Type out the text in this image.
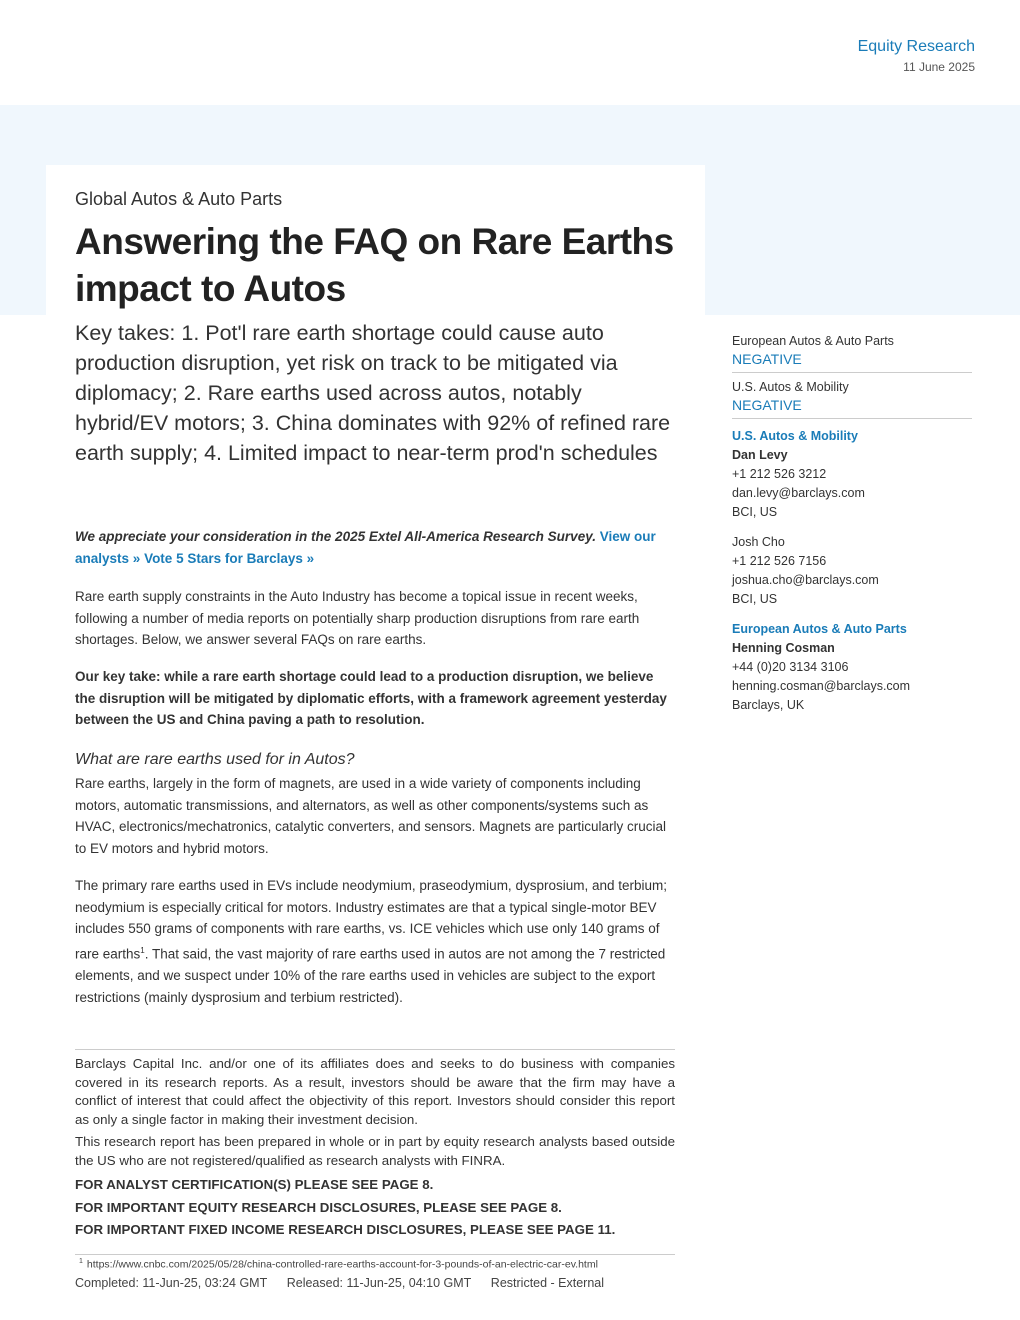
Equity Research
11 June 2025
Global Autos & Auto Parts
Answering the FAQ on Rare Earths impact to Autos
Key takes: 1. Pot'l rare earth shortage could cause auto production disruption, yet risk on track to be mitigated via diplomacy; 2. Rare earths used across autos, notably hybrid/EV motors; 3. China dominates with 92% of refined rare earth supply; 4. Limited impact to near-term prod'n schedules
We appreciate your consideration in the 2025 Extel All-America Research Survey. View our analysts » Vote 5 Stars for Barclays »
Rare earth supply constraints in the Auto Industry has become a topical issue in recent weeks, following a number of media reports on potentially sharp production disruptions from rare earth shortages. Below, we answer several FAQs on rare earths.
Our key take: while a rare earth shortage could lead to a production disruption, we believe the disruption will be mitigated by diplomatic efforts, with a framework agreement yesterday between the US and China paving a path to resolution.
What are rare earths used for in Autos?
Rare earths, largely in the form of magnets, are used in a wide variety of components including motors, automatic transmissions, and alternators, as well as other components/systems such as HVAC, electronics/mechatronics, catalytic converters, and sensors. Magnets are particularly crucial to EV motors and hybrid motors.
The primary rare earths used in EVs include neodymium, praseodymium, dysprosium, and terbium; neodymium is especially critical for motors. Industry estimates are that a typical single-motor BEV includes 550 grams of components with rare earths, vs. ICE vehicles which use only 140 grams of rare earths$^1$. That said, the vast majority of rare earths used in autos are not among the 7 restricted elements, and we suspect under 10% of the rare earths used in vehicles are subject to the export restrictions (mainly dysprosium and terbium restricted).

Barclays Capital Inc. and/or one of its affiliates does and seeks to do business with companies covered in its research reports. As a result, investors should be aware that the firm may have a conflict of interest that could affect the objectivity of this report. Investors should consider this report as only a single factor in making their investment decision.

This research report has been prepared in whole or in part by equity research analysts based outside the US who are not registered/qualified as research analysts with FINRA.

FOR ANALYST CERTIFICATION(S) PLEASE SEE PAGE 8.

FOR IMPORTANT EQUITY RESEARCH DISCLOSURES, PLEASE SEE PAGE 8.

FOR IMPORTANT FIXED INCOME RESEARCH DISCLOSURES, PLEASE SEE PAGE 11.

$^1$ https://www.cnbc.com/2025/05/28/china-controlled-rare-earths-account-for-3-pounds-of-an-electric-car-ev.html
Completed: 11-Jun-25, 03:24 GMT Released: 11-Jun-25, 04:10 GMT Restricted - External
European Autos & Auto Parts
NEGATIVE
U.S. Autos & Mobility
NEGATIVE
U.S. Autos & Mobility
Dan Levy
+1 212 526 3212
dan.levy@barclays.com
BCI, US
Josh Cho
+1 212 526 7156
joshua.cho@barclays.com
BCI, US
European Autos & Auto Parts
Henning Cosman
+44 (0)20 3134 3106
henning.cosman@barclays.com
Barclays, UK
